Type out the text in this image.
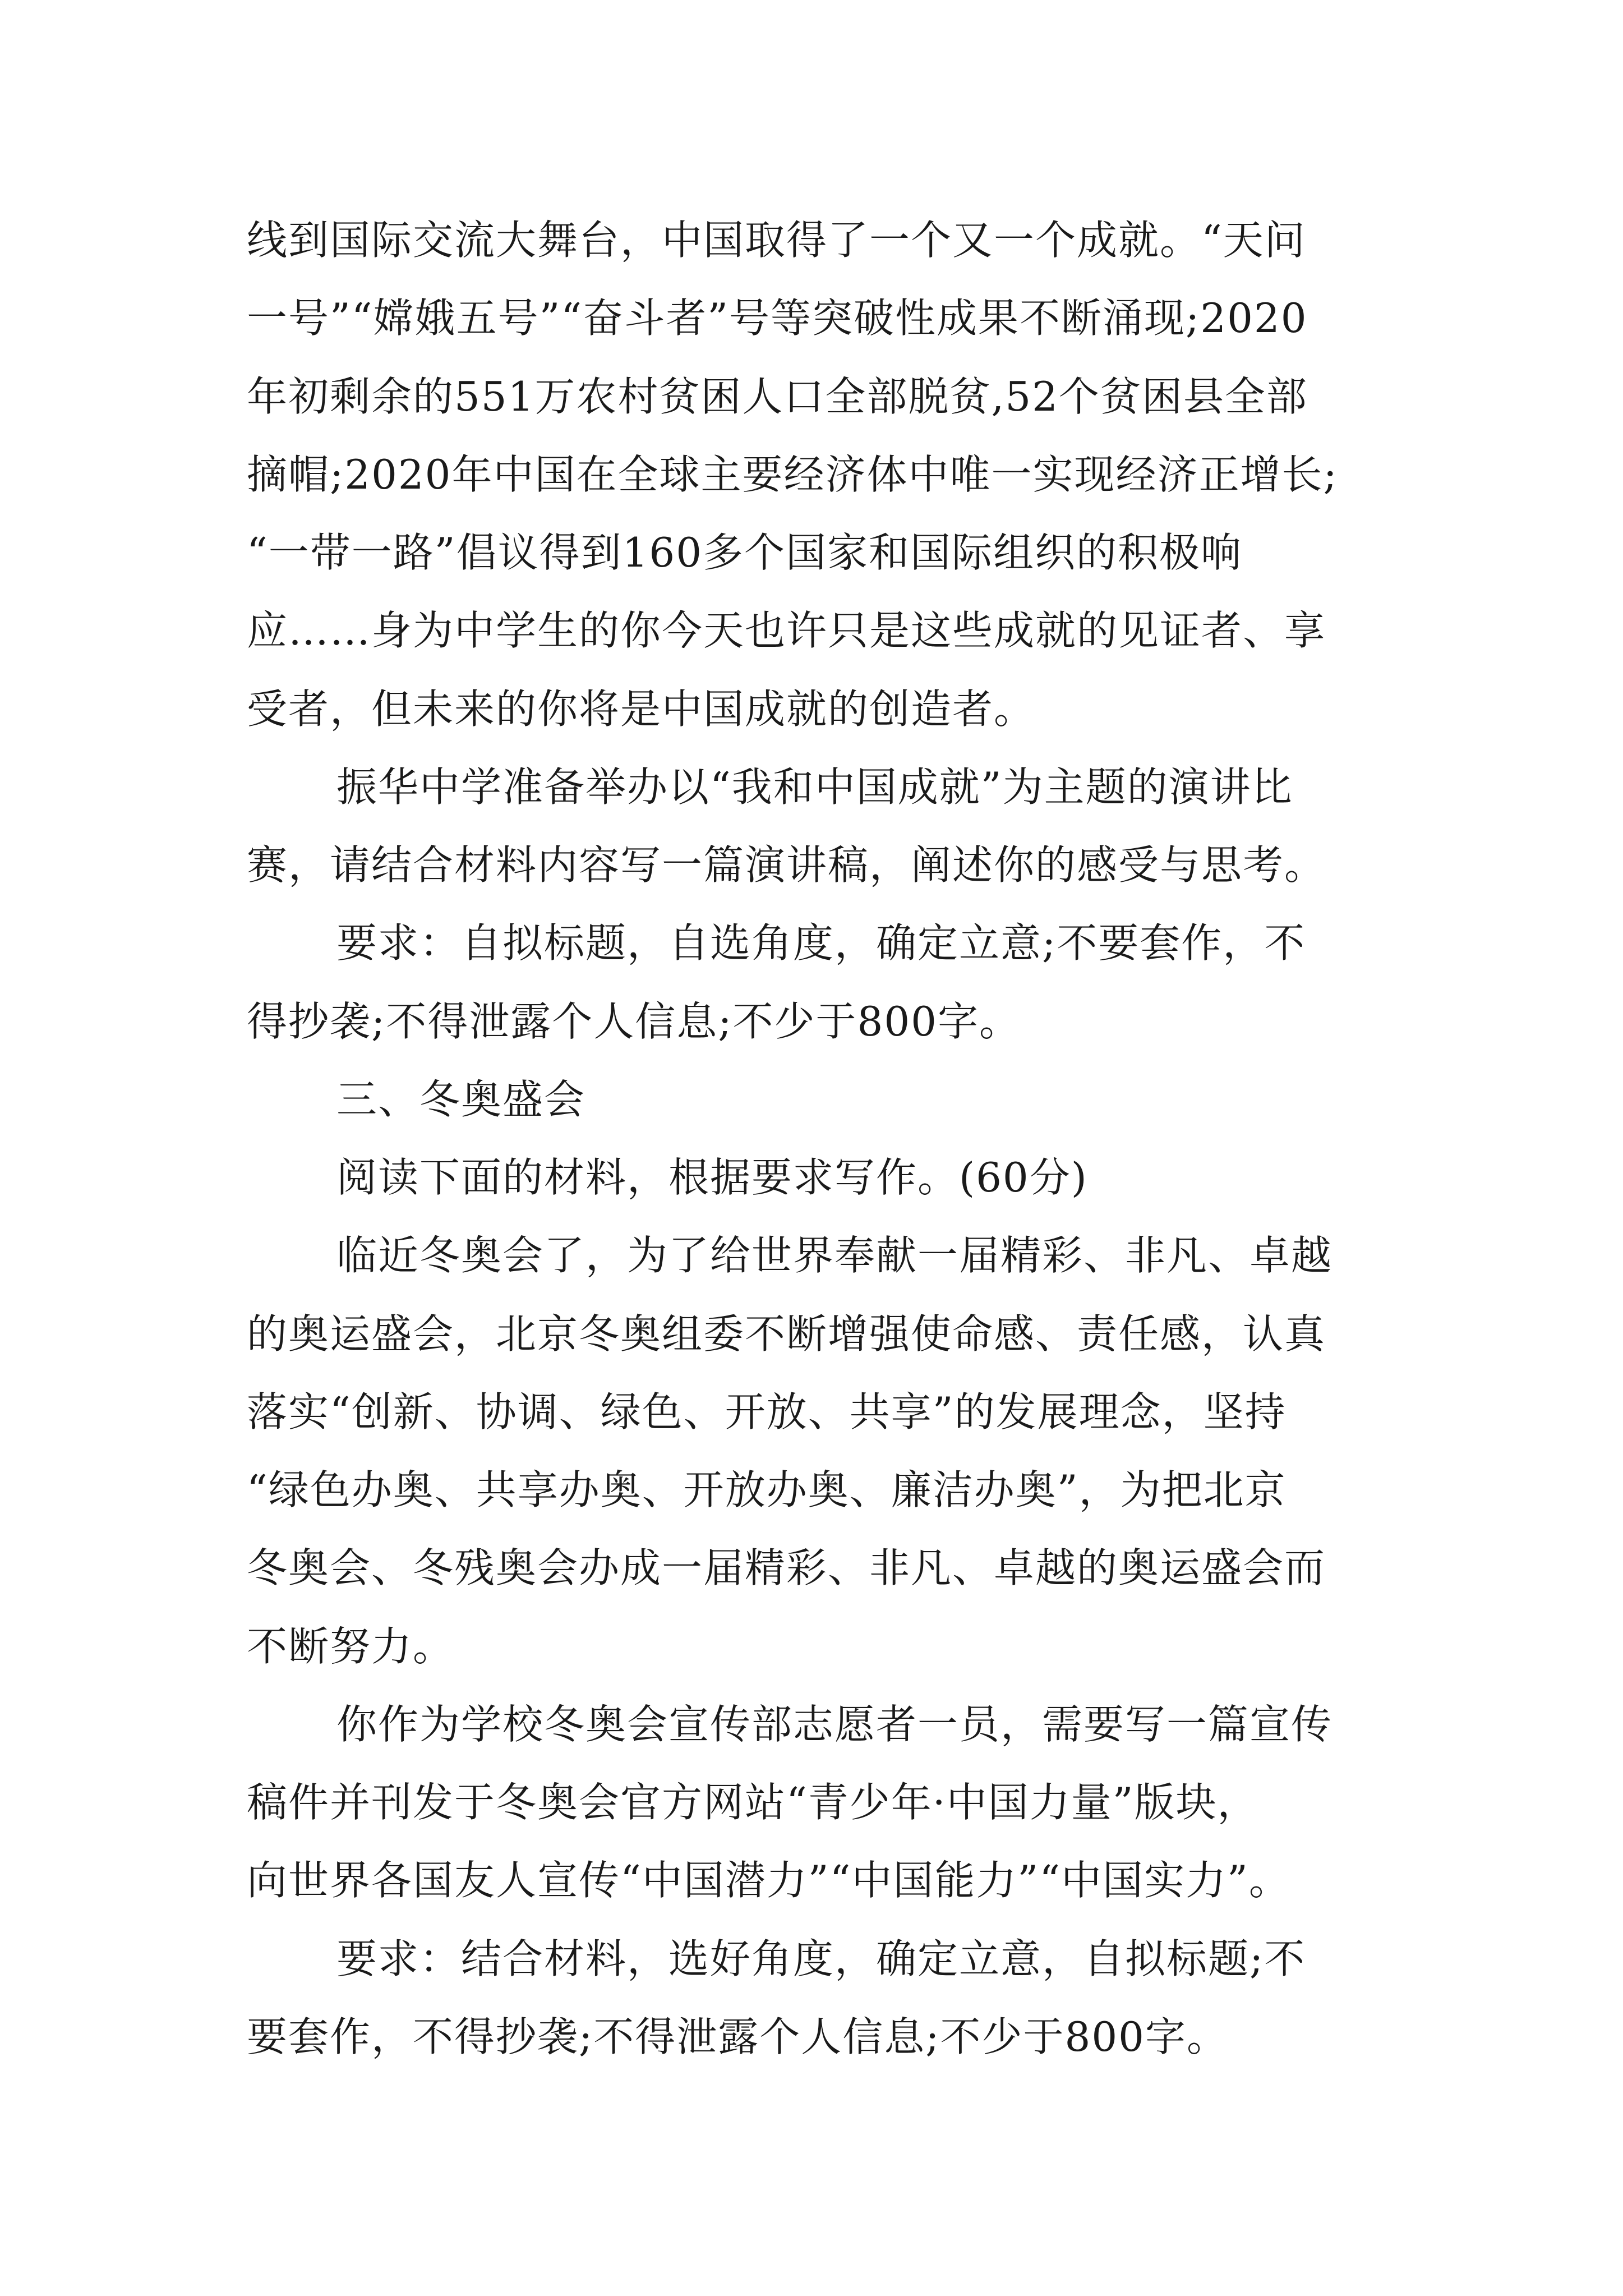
线到国际交流大舞台，中国取得了一个又一个成就。“天问
一号”“嫦娥五号”“奋斗者”号等突破性成果不断涌现;2020
年初剩余的551万农村贫困人口全部脱贫,52个贫困县全部
摘帽;2020年中国在全球主要经济体中唯一实现经济正增长;
“一带一路”倡议得到160多个国家和国际组织的积极响
应……身为中学生的你今天也许只是这些成就的见证者、享
受者，但未来的你将是中国成就的创造者。
振华中学准备举办以“我和中国成就”为主题的演讲比
赛，请结合材料内容写一篇演讲稿，阐述你的感受与思考。
要求：自拟标题，自选角度，确定立意;不要套作，不
得抄袭;不得泄露个人信息;不少于800字。
三、冬奥盛会
阅读下面的材料，根据要求写作。(60分)
临近冬奥会了，为了给世界奉献一届精彩、非凡、卓越
的奥运盛会，北京冬奥组委不断增强使命感、责任感，认真
落实“创新、协调、绿色、开放、共享”的发展理念，坚持
“绿色办奥、共享办奥、开放办奥、廉洁办奥”，为把北京
冬奥会、冬残奥会办成一届精彩、非凡、卓越的奥运盛会而
不断努力。
你作为学校冬奥会宣传部志愿者一员，需要写一篇宣传
稿件并刊发于冬奥会官方网站“青少年·中国力量”版块，
向世界各国友人宣传“中国潜力”“中国能力”“中国实力”。
要求：结合材料，选好角度，确定立意，自拟标题;不
要套作，不得抄袭;不得泄露个人信息;不少于800字。
